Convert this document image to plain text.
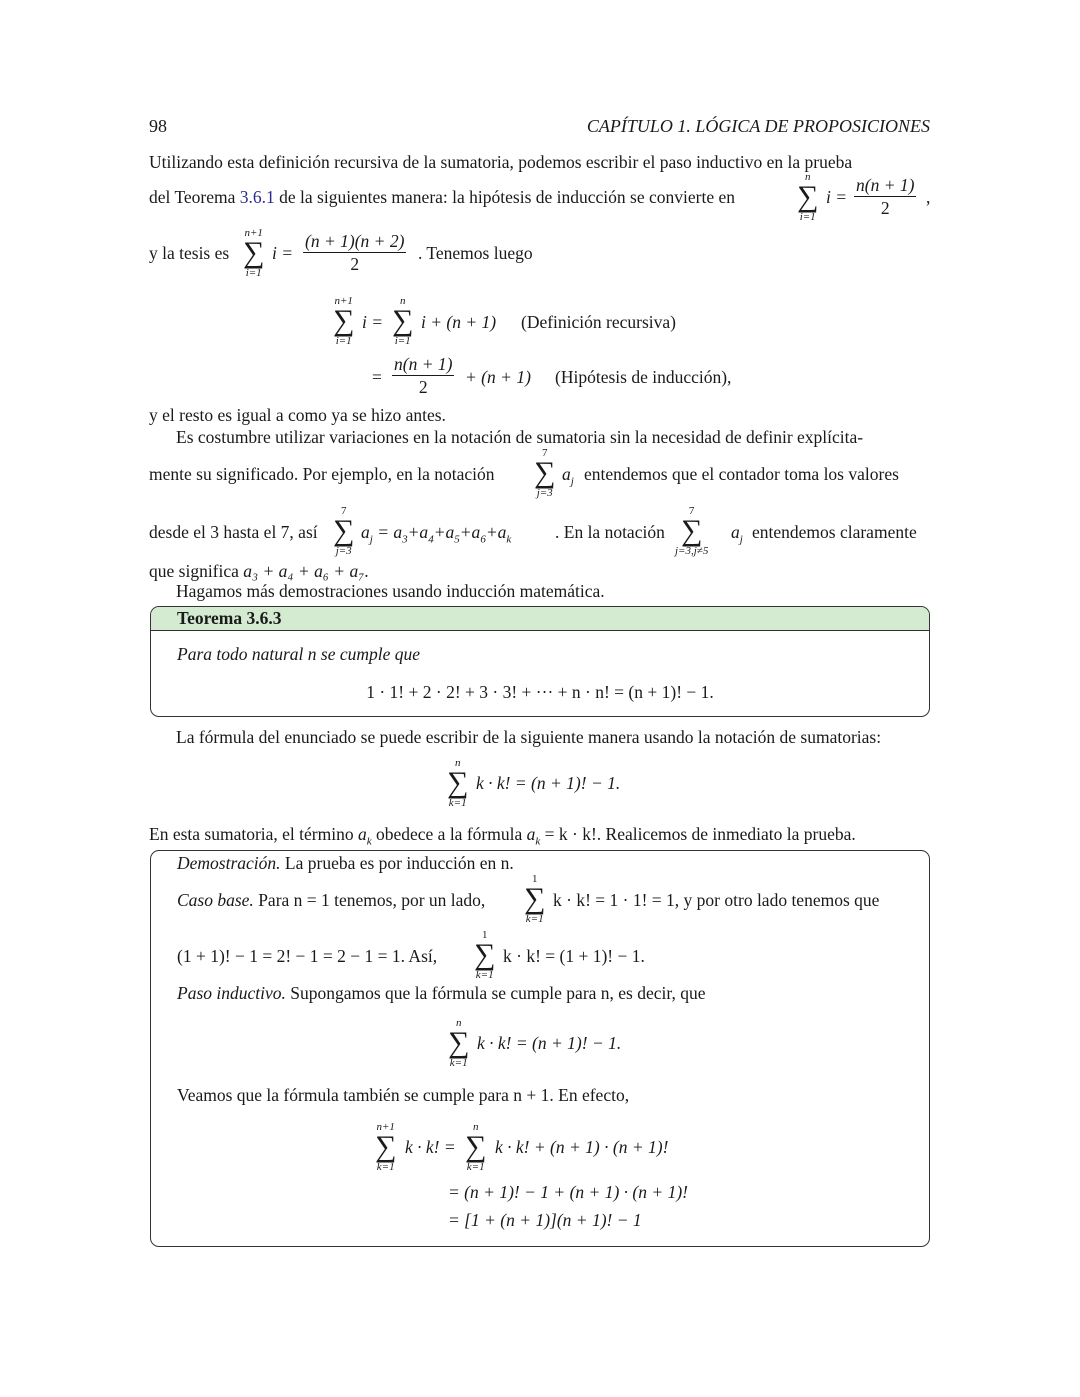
98	CAPÍTULO 1. LÓGICA DE PROPOSICIONES
Utilizando esta definición recursiva de la sumatoria, podemos escribir el paso inductivo en la prueba
del Teorema 3.6.1 de la siguientes manera: la hipótesis de inducción se convierte en
n
∑
i=1
$i = \frac{n(n + 1)}{2}$ ,
y la tesis es
n+1
∑
i=1
$i = \frac{(n + 1)(n + 2)}{2}$ . Tenemos luego
n+1
∑
i=1
i =
n
∑
i=1
i + (n + 1) (Definición recursiva)
= $\frac{n(n + 1)}{2} + (n + 1)$ (Hipótesis de inducción),
y el resto es igual a como ya se hizo antes.
Es costumbre utilizar variaciones en la notación de sumatoria sin la necesidad de definir explícita-
mente su significado. Por ejemplo, en la notación
7
∑
j=3
$a_j$ entendemos que el contador toma los valores
desde el 3 hasta el 7, así
7
∑
j=3
$a_j = a_3+a_4+a_5+a_6+a_k$ . En la notación
7
∑
j=3,j≠5
$a_j$ entendemos claramente
que significa a₃ + a₄ + a₆ + a₇.
Hagamos más demostraciones usando inducción matemática.
Teorema 3.6.3
Para todo natural n se cumple que
1 · 1! + 2 · 2! + 3 · 3! + ··· + n · n! = (n + 1)! − 1.
La fórmula del enunciado se puede escribir de la siguiente manera usando la notación de sumatorias:
n
∑
k=1
k · k! = (n + 1)! − 1.
En esta sumatoria, el término $a_k$ obedece a la fórmula $a_k = k \cdot k$!. Realicemos de inmediato la prueba.
Demostración. La prueba es por inducción en n.
Caso base. Para n = 1 tenemos, por un lado,
1
∑
k=1
k · k! = 1 · 1! = 1, y por otro lado tenemos que
(1 + 1)! − 1 = 2! − 1 = 2 − 1 = 1. Así,
1
∑
k=1
k · k! = (1 + 1)! − 1.
Paso inductivo. Supongamos que la fórmula se cumple para n, es decir, que
n
∑
k=1
k · k! = (n + 1)! − 1.
Veamos que la fórmula también se cumple para n + 1. En efecto,
n+1
∑
k=1
k · k! =
n
∑
k=1
k · k! + (n + 1) · (n + 1)!
= (n + 1)! − 1 + (n + 1) · (n + 1)!
= [1 + (n + 1)](n + 1)! − 1
